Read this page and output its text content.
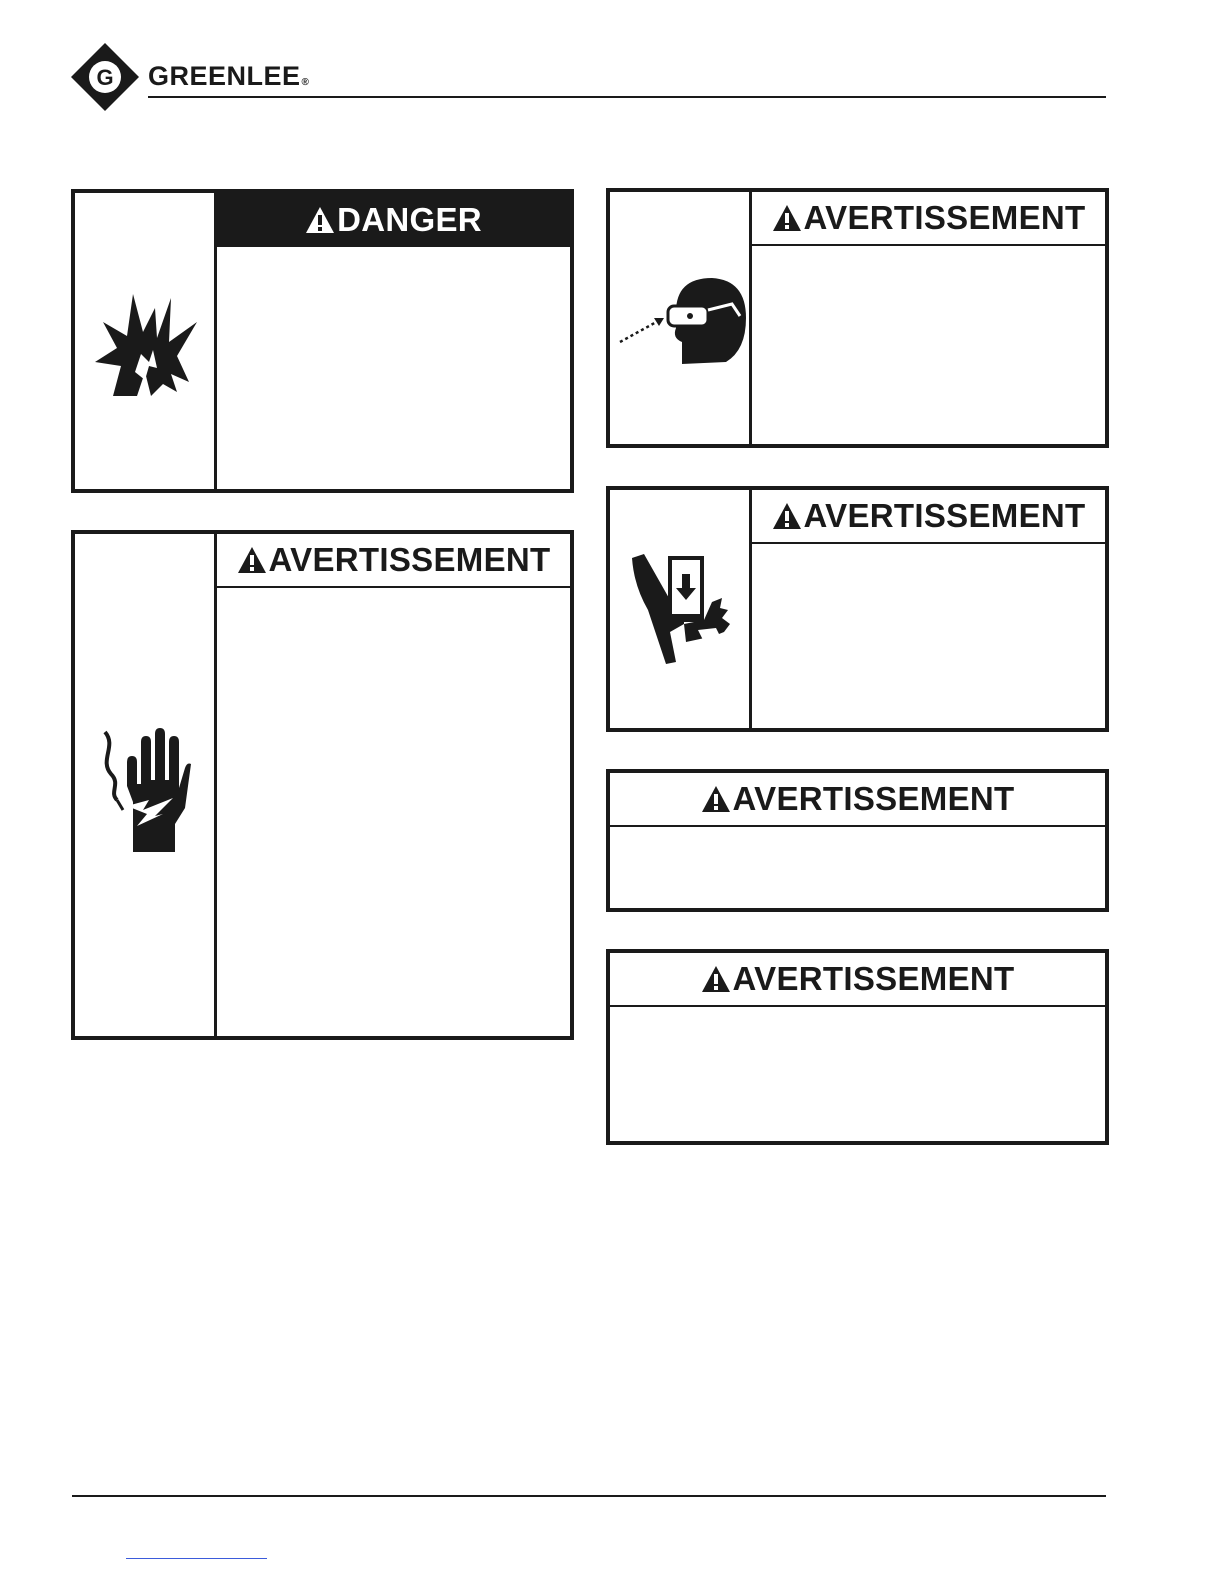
G GREENLEE®
DANGER
AVERTISSEMENT
AVERTISSEMENT
AVERTISSEMENT
AVERTISSEMENT
AVERTISSEMENT
